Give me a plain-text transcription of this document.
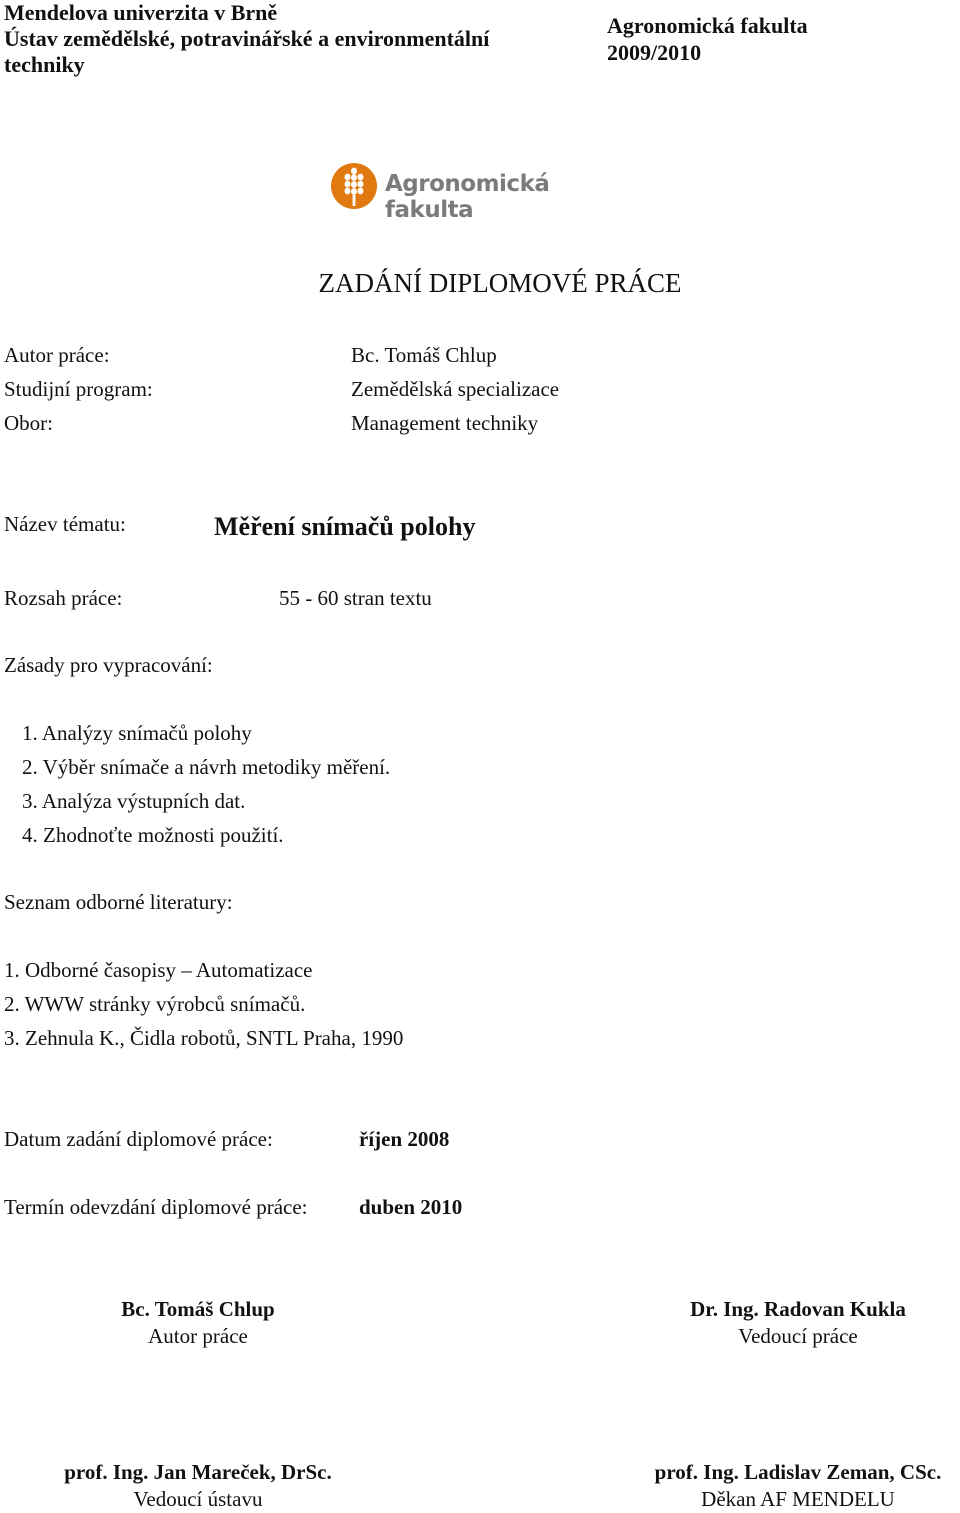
Mendelova univerzita v Brně
Ústav zemědělské, potravinářské a environmentální
techniky
Agronomická fakulta
2009/2010
Agronomická
fakulta
ZADÁNÍ DIPLOMOVÉ PRÁCE
Autor práce:	Bc. Tomáš Chlup
Studijní program:	Zemědělská specializace
Obor:	Management techniky
Název tématu:	Měření snímačů polohy
Rozsah práce:	55 - 60 stran textu
Zásady pro vypracování:
1. Analýzy snímačů polohy
2. Výběr snímače a návrh metodiky měření.
3. Analýza výstupních dat.
4. Zhodnoťte možnosti použití.
Seznam odborné literatury:
1. Odborné časopisy – Automatizace
2. WWW stránky výrobců snímačů.
3. Zehnula K., Čidla robotů, SNTL Praha, 1990
Datum zadání diplomové práce:	říjen 2008
Termín odevzdání diplomové práce: duben 2010
Bc. Tomáš Chlup
Autor práce
Dr. Ing. Radovan Kukla
Vedoucí práce
prof. Ing. Jan Mareček, DrSc.
Vedoucí ústavu
prof. Ing. Ladislav Zeman, CSc.
Děkan AF MENDELU
